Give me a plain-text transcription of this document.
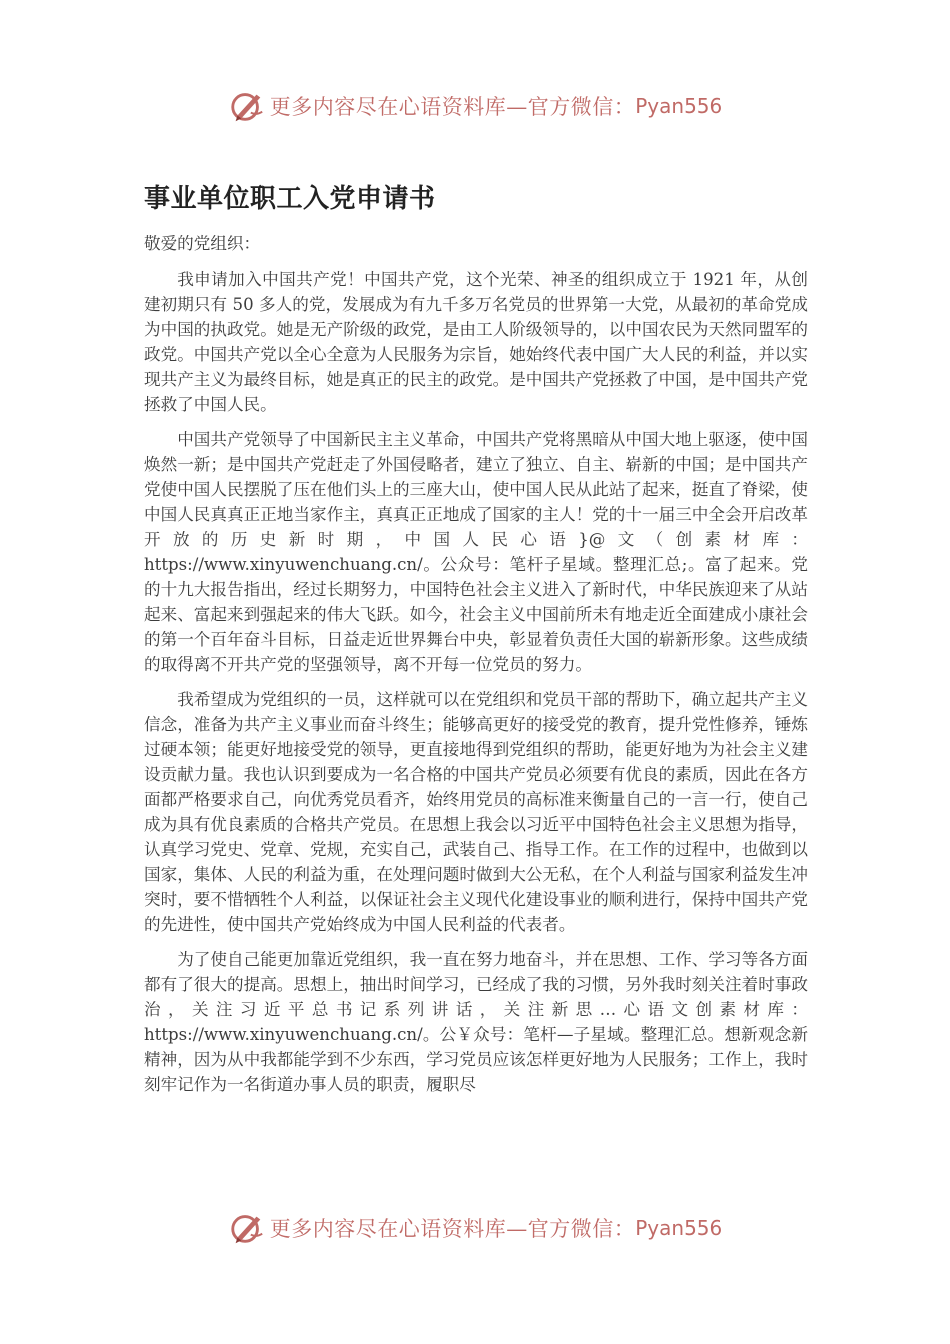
更多内容尽在心语资料库—官方微信： Pyan556
事业单位职工入党申请书

敬爱的党组织：

我申请加入中国共产党！中国共产党，这个光荣、神圣的组织成立于 1921 年，从创建初期只有 50 多人的党，发展成为有九千多万名党员的世界第一大党，从最初的革命党成为中国的执政党。她是无产阶级的政党，是由工人阶级领导的，以中国农民为天然同盟军的政党。中国共产党以全心全意为人民服务为宗旨，她始终代表中国广大人民的利益，并以实现共产主义为最终目标，她是真正的民主的政党。是中国共产党拯救了中国，是中国共产党拯救了中国人民。

中国共产党领导了中国新民主主义革命，中国共产党将黑暗从中国大地上驱逐，使中国焕然一新；是中国共产党赶走了外国侵略者，建立了独立、自主、崭新的中国；是中国共产党使中国人民摆脱了压在他们头上的三座大山，使中国人民从此站了起来，挺直了脊梁，使中国人民真真正正地当家作主，真真正正地成了国家的主人！党的十一届三中全会开启改革开放的历史新时期，中国人民心语}@文（创素材库：https://www.xinyuwenchuang.cn/。公众号：笔杆子星域。整理汇总;。富了起来。党的十九大报告指出，经过长期努力，中国特色社会主义进入了新时代，中华民族迎来了从站起来、富起来到强起来的伟大飞跃。如今，社会主义中国前所未有地走近全面建成小康社会的第一个百年奋斗目标，日益走近世界舞台中央，彰显着负责任大国的崭新形象。这些成绩的取得离不开共产党的坚强领导，离不开每一位党员的努力。

我希望成为党组织的一员，这样就可以在党组织和党员干部的帮助下，确立起共产主义信念，准备为共产主义事业而奋斗终生；能够高更好的接受党的教育，提升党性修养，锤炼过硬本领；能更好地接受党的领导，更直接地得到党组织的帮助，能更好地为为社会主义建设贡献力量。我也认识到要成为一名合格的中国共产党员必须要有优良的素质，因此在各方面都严格要求自己，向优秀党员看齐，始终用党员的高标准来衡量自己的一言一行，使自己成为具有优良素质的合格共产党员。在思想上我会以习近平中国特色社会主义思想为指导，认真学习党史、党章、党规，充实自己，武装自己、指导工作。在工作的过程中，也做到以国家，集体、人民的利益为重，在处理问题时做到大公无私，在个人利益与国家利益发生冲突时，要不惜牺牲个人利益，以保证社会主义现代化建设事业的顺利进行，保持中国共产党的先进性，使中国共产党始终成为中国人民利益的代表者。

为了使自己能更加靠近党组织，我一直在努力地奋斗，并在思想、工作、学习等各方面都有了很大的提高。思想上，抽出时间学习，已经成了我的习惯，另外我时刻关注着时事政治，关注习近平总书记系列讲话，关注新思…心语文创素材库：https://www.xinyuwenchuang.cn/。公￥众号：笔杆—子星域。整理汇总。想新观念新精神，因为从中我都能学到不少东西，学习党员应该怎样更好地为人民服务；工作上，我时刻牢记作为一名街道办事人员的职责，履职尽

更多内容尽在心语资料库—官方微信： Pyan556
